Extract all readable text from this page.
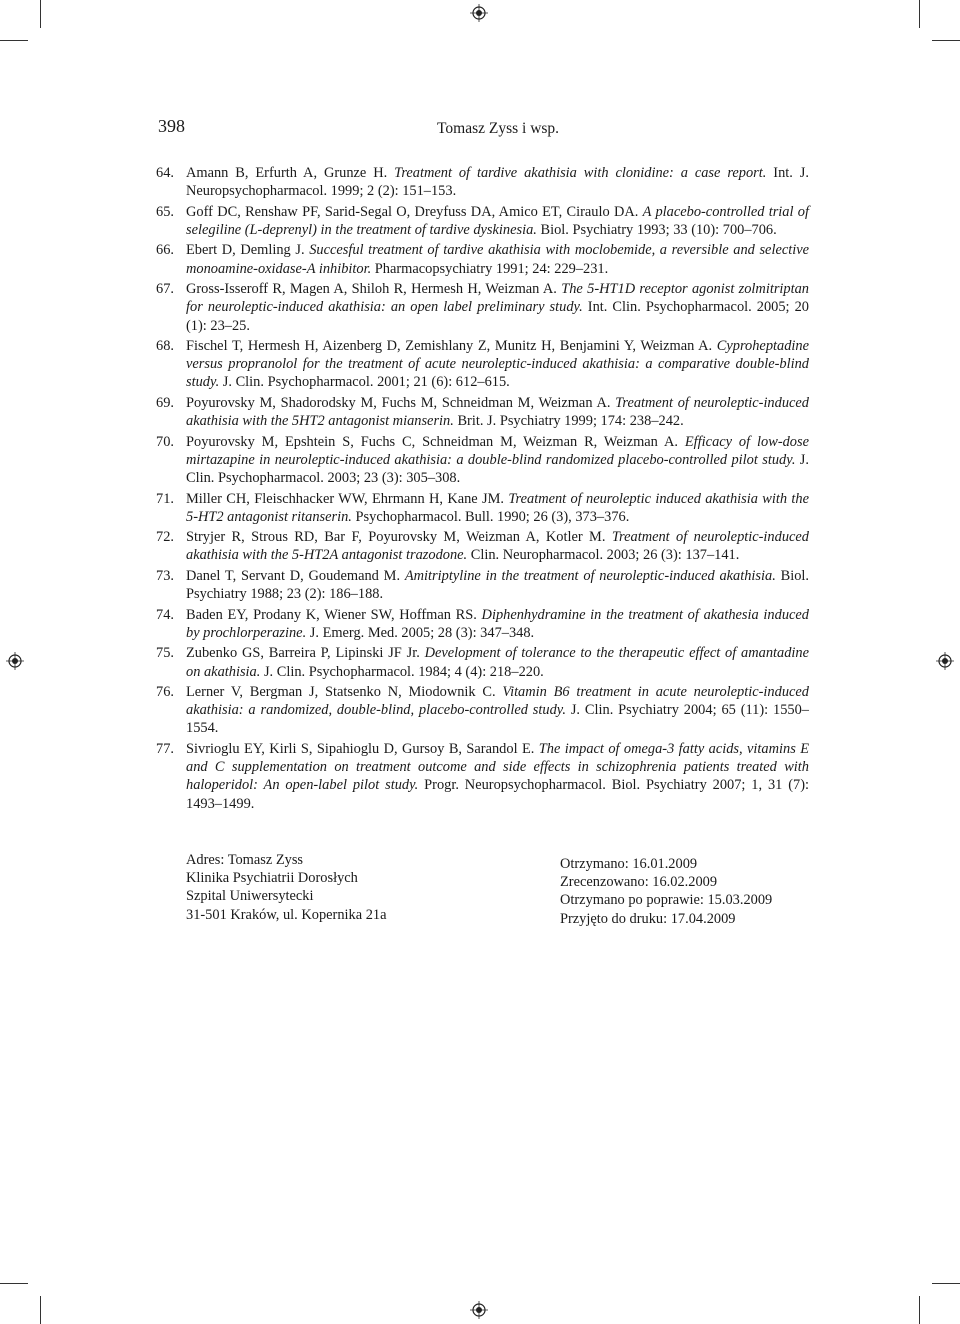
398	Tomasz Zyss i wsp.
64. Amann B, Erfurth A, Grunze H. Treatment of tardive akathisia with clonidine: a case report. Int. J. Neuropsychopharmacol. 1999; 2 (2): 151–153.
65. Goff DC, Renshaw PF, Sarid-Segal O, Dreyfuss DA, Amico ET, Ciraulo DA. A placebo-controlled trial of selegiline (L-deprenyl) in the treatment of tardive dyskinesia. Biol. Psychiatry 1993; 33 (10): 700–706.
66. Ebert D, Demling J. Succesful treatment of tardive akathisia with moclobemide, a reversible and selective monoamine-oxidase-A inhibitor. Pharmacopsychiatry 1991; 24: 229–231.
67. Gross-Isseroff R, Magen A, Shiloh R, Hermesh H, Weizman A. The 5-HT1D receptor agonist zolmitriptan for neuroleptic-induced akathisia: an open label preliminary study. Int. Clin. Psychopharmacol. 2005; 20 (1): 23–25.
68. Fischel T, Hermesh H, Aizenberg D, Zemishlany Z, Munitz H, Benjamini Y, Weizman A. Cyproheptadine versus propranolol for the treatment of acute neuroleptic-induced akathisia: a comparative double-blind study. J. Clin. Psychopharmacol. 2001; 21 (6): 612–615.
69. Poyurovsky M, Shadorodsky M, Fuchs M, Schneidman M, Weizman A. Treatment of neuroleptic-induced akathisia with the 5HT2 antagonist mianserin. Brit. J. Psychiatry 1999; 174: 238–242.
70. Poyurovsky M, Epshtein S, Fuchs C, Schneidman M, Weizman R, Weizman A. Efficacy of low-dose mirtazapine in neuroleptic-induced akathisia: a double-blind randomized placebo-controlled pilot study. J. Clin. Psychopharmacol. 2003; 23 (3): 305–308.
71. Miller CH, Fleischhacker WW, Ehrmann H, Kane JM. Treatment of neuroleptic induced akathisia with the 5-HT2 antagonist ritanserin. Psychopharmacol. Bull. 1990; 26 (3), 373–376.
72. Stryjer R, Strous RD, Bar F, Poyurovsky M, Weizman A, Kotler M. Treatment of neuroleptic-induced akathisia with the 5-HT2A antagonist trazodone. Clin. Neuropharmacol. 2003; 26 (3): 137–141.
73. Danel T, Servant D, Goudemand M. Amitriptyline in the treatment of neuroleptic-induced akathisia. Biol. Psychiatry 1988; 23 (2): 186–188.
74. Baden EY, Prodany K, Wiener SW, Hoffman RS. Diphenhydramine in the treatment of akathesia induced by prochlorperazine. J. Emerg. Med. 2005; 28 (3): 347–348.
75. Zubenko GS, Barreira P, Lipinski JF Jr. Development of tolerance to the therapeutic effect of amantadine on akathisia. J. Clin. Psychopharmacol. 1984; 4 (4): 218–220.
76. Lerner V, Bergman J, Statsenko N, Miodownik C. Vitamin B6 treatment in acute neuroleptic-induced akathisia: a randomized, double-blind, placebo-controlled study. J. Clin. Psychiatry 2004; 65 (11): 1550–1554.
77. Sivrioglu EY, Kirli S, Sipahioglu D, Gursoy B, Sarandol E. The impact of omega-3 fatty acids, vitamins E and C supplementation on treatment outcome and side effects in schizophrenia patients treated with haloperidol: An open-label pilot study. Progr. Neuropsychopharmacol. Biol. Psychiatry 2007; 1, 31 (7): 1493–1499.
Adres: Tomasz Zyss
Klinika Psychiatrii Dorosłych
Szpital Uniwersytecki
31-501 Kraków, ul. Kopernika 21a
Otrzymano: 16.01.2009
Zrecenzowano: 16.02.2009
Otrzymano po poprawie: 15.03.2009
Przyjęto do druku: 17.04.2009
